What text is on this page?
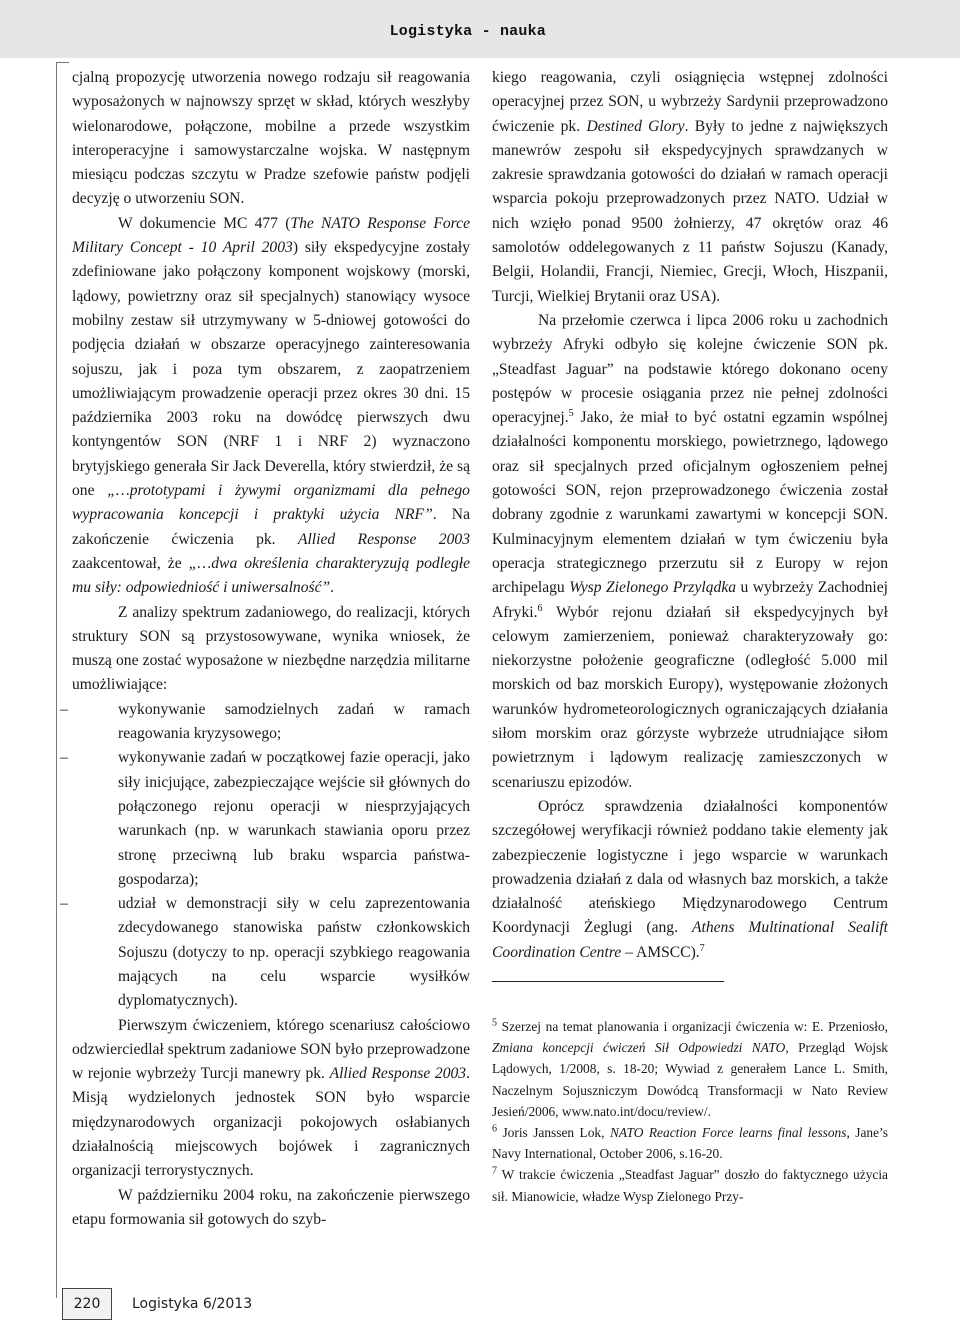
Logistyka - nauka

cjalną propozycję utworzenia nowego rodzaju sił reagowania wyposażonych w najnowszy sprzęt w skład, których weszłyby wielonarodowe, połączone, mobilne a przede wszystkim interoperacyjne i samowystarczalne wojska. W następnym miesiącu podczas szczytu w Pradze szefowie państw podjęli decyzję o utworzeniu SON.

W dokumencie MC 477 (The NATO Response Force Military Concept - 10 April 2003) siły ekspedycyjne zostały zdefiniowane jako połączony komponent wojskowy (morski, lądowy, powietrzny oraz sił specjalnych) stanowiący wysoce mobilny zestaw sił utrzymywany w 5-dniowej gotowości do podjęcia działań w obszarze operacyjnego zainteresowania sojuszu, jak i poza tym obszarem, z zaopatrzeniem umożliwiającym prowadzenie operacji przez okres 30 dni. 15 października 2003 roku na dowódcę pierwszych dwu kontyngentów SON (NRF 1 i NRF 2) wyznaczono brytyjskiego generała Sir Jack Deverella, który stwierdził, że są one „…prototypami i żywymi organizmami dla pełnego wypracowania koncepcji i praktyki użycia NRF”. Na zakończenie ćwiczenia pk. Allied Response 2003 zaakcentował, że „…dwa określenia charakteryzują podległe mu siły: odpowiedniość i uniwersalność”.

Z analizy spektrum zadaniowego, do realizacji, których struktury SON są przystosowywane, wynika wniosek, że muszą one zostać wyposażone w niezbędne narzędzia militarne umożliwiające:

– wykonywanie samodzielnych zadań w ramach reagowania kryzysowego;
– wykonywanie zadań w początkowej fazie operacji, jako siły inicjujące, zabezpieczające wejście sił głównych do połączonego rejonu operacji w niesprzyjających warunkach (np. w warunkach stawiania oporu przez stronę przeciwną lub braku wsparcia państwa-gospodarza);
– udział w demonstracji siły w celu zaprezentowania zdecydowanego stanowiska państw członkowskich Sojuszu (dotyczy to np. operacji szybkiego reagowania mających na celu wsparcie wysiłków dyplomatycznych).

Pierwszym ćwiczeniem, którego scenariusz całościowo odzwierciedlał spektrum zadaniowe SON było przeprowadzone w rejonie wybrzeży Turcji manewry pk. Allied Response 2003. Misją wydzielonych jednostek SON było wsparcie międzynarodowych organizacji pokojowych osłabianych działalnością miejscowych bojówek i zagranicznych organizacji terrorystycznych.

W październiku 2004 roku, na zakończenie pierwszego etapu formowania sił gotowych do szyb-

kiego reagowania, czyli osiągnięcia wstępnej zdolności operacyjnej przez SON, u wybrzeży Sardynii przeprowadzono ćwiczenie pk. Destined Glory. Były to jedne z największych manewrów zespołu sił ekspedycyjnych sprawdzanych w zakresie sprawdzania gotowości do działań w ramach operacji wsparcia pokoju przeprowadzonych przez NATO. Udział w nich wzięło ponad 9500 żołnierzy, 47 okrętów oraz 46 samolotów oddelegowanych z 11 państw Sojuszu (Kanady, Belgii, Holandii, Francji, Niemiec, Grecji, Włoch, Hiszpanii, Turcji, Wielkiej Brytanii oraz USA).

Na przełomie czerwca i lipca 2006 roku u zachodnich wybrzeży Afryki odbyło się kolejne ćwiczenie SON pk. „Steadfast Jaguar” na podstawie którego dokonano oceny postępów w procesie osiągania przez nie pełnej zdolności operacyjnej.$^5$ Jako, że miał to być ostatni egzamin wspólnej działalności komponentu morskiego, powietrznego, lądowego oraz sił specjalnych przed oficjalnym ogłoszeniem pełnej gotowości SON, rejon przeprowadzonego ćwiczenia został dobrany zgodnie z warunkami zawartymi w koncepcji SON. Kulminacyjnym elementem działań w tym ćwiczeniu była operacja strategicznego przerzutu sił z Europy w rejon archipelagu Wysp Zielonego Przylądka u wybrzeży Zachodniej Afryki.$^6$ Wybór rejonu działań sił ekspedycyjnych był celowym zamierzeniem, ponieważ charakteryzowały go: niekorzystne położenie geograficzne (odległość 5.000 mil morskich od baz morskich Europy), występowanie złożonych warunków hydrometeorologicznych ograniczających działania siłom morskim oraz górzyste wybrzeże utrudniające siłom powietrznym i lądowym realizację zamieszczonych w scenariuszu epizodów.

Oprócz sprawdzenia działalności komponentów szczegółowej weryfikacji również poddano takie elementy jak zabezpieczenie logistyczne i jego wsparcie w warunkach prowadzenia działań z dala od własnych baz morskich, a także działalność ateńskiego Międzynarodowego Centrum Koordynacji Żeglugi (ang. Athens Multinational Sealift Coordination Centre – AMSCC).$^7$

$^5$ Szerzej na temat planowania i organizacji ćwiczenia w: E. Przeniosło, Zmiana koncepcji ćwiczeń Sił Odpowiedzi NATO, Przegląd Wojsk Lądowych, 1/2008, s. 18-20; Wywiad z generałem Lance L. Smith, Naczelnym Sojuszniczym Dowódcą Transformacji w Nato Review Jesień/2006, www.nato.int/docu/review/.

$^6$ Joris Janssen Lok, NATO Reaction Force learns final lessons, Jane’s Navy International, October 2006, s.16-20.

$^7$ W trakcie ćwiczenia „Steadfast Jaguar” doszło do faktycznego użycia sił. Mianowicie, władze Wysp Zielonego Przy-

220	Logistyka 6/2013
